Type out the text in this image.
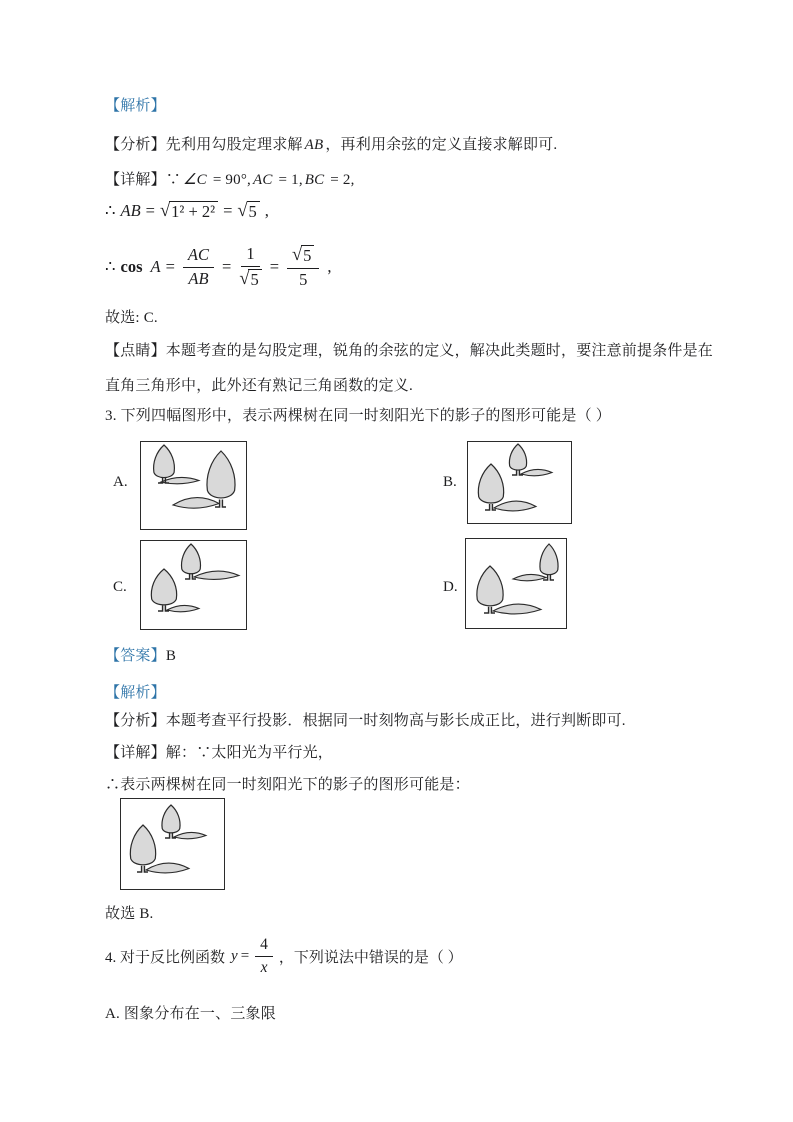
【解析】
【分析】先利用勾股定理求解 AB ，再利用余弦的定义直接求解即可.
【详解】∵ ∠C = 90°, AC = 1, BC = 2,
∴ AB = √ 1² + 2² = √ 5 ,
∴ $\cos A = \frac{AC}{AB} = \frac{1}{√ 5} = \frac{√ 5}{5}$ ,
故选: C.
【点睛】本题考查的是勾股定理，锐角的余弦的定义，解决此类题时，要注意前提条件是在
直角三角形中，此外还有熟记三角函数的定义.
3. 下列四幅图形中，表示两棵树在同一时刻阳光下的影子的图形可能是（ ）
A.	B.
C.	D.
【答案】B
【解析】
【分析】本题考查平行投影．根据同一时刻物高与影长成正比，进行判断即可.
【详解】解：∵太阳光为平行光，
∴表示两棵树在同一时刻阳光下的影子的图形可能是：
故选 B.
4. 对于反比例函数 $y = \frac{4}{x}$ ，下列说法中错误的是（ ）
A. 图象分布在一、三象限
